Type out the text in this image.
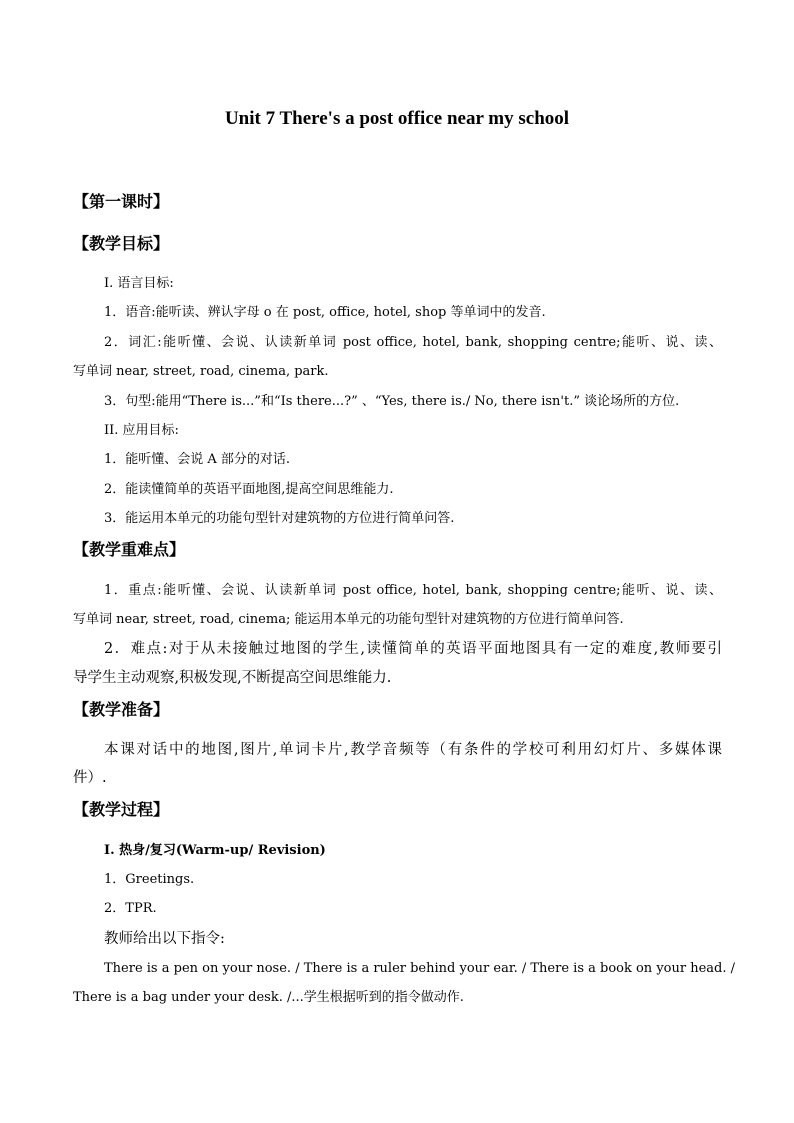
Unit 7 There's a post office near my school
【第一课时】
【教学目标】
I. 语言目标:
1．语音:能听读、辨认字母 o 在 post, office, hotel, shop 等单词中的发音.
2．词汇:能听懂、会说、认读新单词 post office, hotel, bank, shopping centre;能听、说、读、
写单词 near, street, road, cinema, park.
3．句型:能用“There is...”和“Is there...?” 、“Yes, there is./ No, there isn't.” 谈论场所的方位.
II. 应用目标:
1．能听懂、会说 A 部分的对话.
2．能读懂简单的英语平面地图,提高空间思维能力.
3．能运用本单元的功能句型针对建筑物的方位进行简单问答.
【教学重难点】
1．重点:能听懂、会说、认读新单词 post office, hotel, bank, shopping centre;能听、说、读、
写单词 near, street, road, cinema; 能运用本单元的功能句型针对建筑物的方位进行简单问答.
2．难点:对于从未接触过地图的学生,读懂简单的英语平面地图具有一定的难度,教师要引
导学生主动观察,积极发现,不断提高空间思维能力.
【教学准备】
本课对话中的地图,图片,单词卡片,教学音频等（有条件的学校可利用幻灯片、多媒体课
件）.
【教学过程】
I. 热身/复习(Warm-up/ Revision)
1．Greetings.
2．TPR.
教师给出以下指令:
There is a pen on your nose. / There is a ruler behind your ear. / There is a book on your head. /
There is a bag under your desk. /...学生根据听到的指令做动作.
